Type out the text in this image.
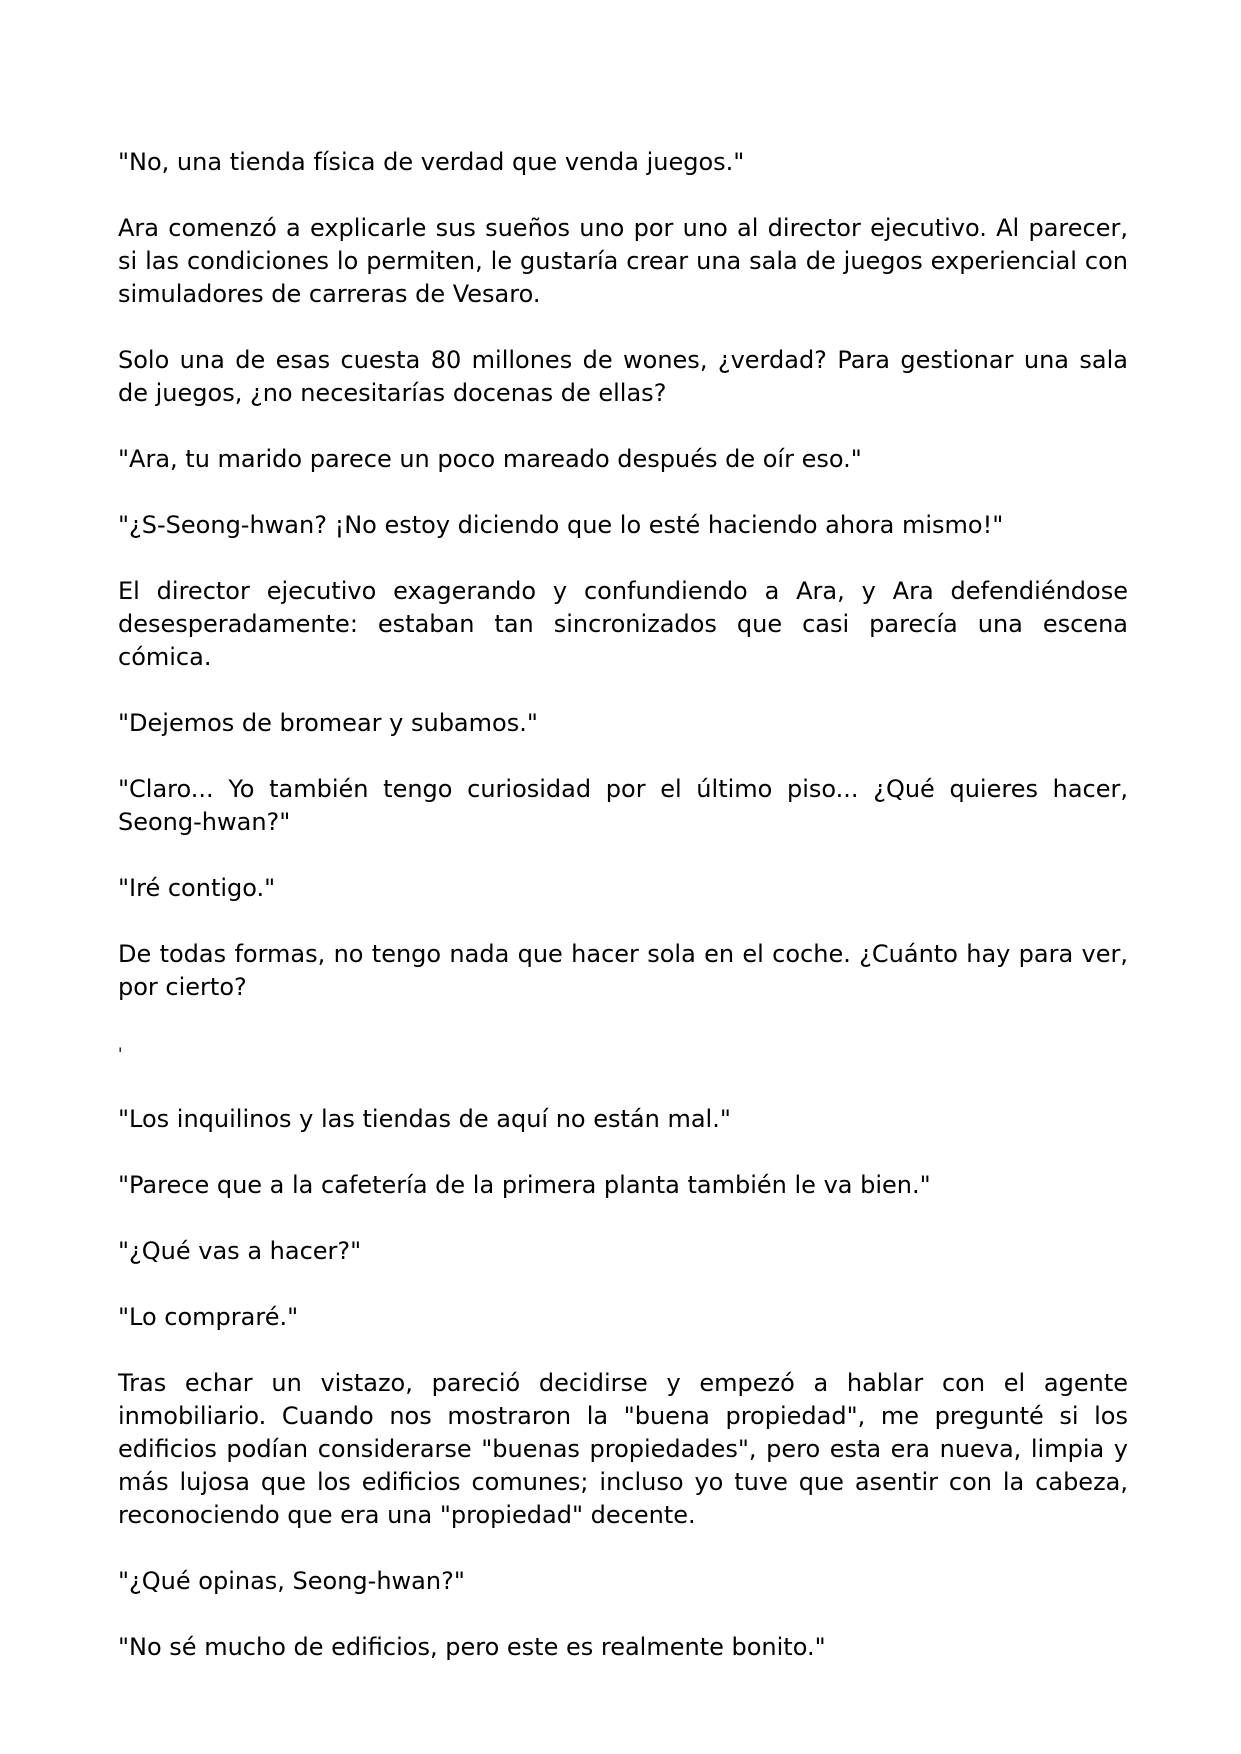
"No, una tienda física de verdad que venda juegos."

Ara comenzó a explicarle sus sueños uno por uno al director ejecutivo. Al parecer, si las condiciones lo permiten, le gustaría crear una sala de juegos experiencial con simuladores de carreras de Vesaro.

Solo una de esas cuesta 80 millones de wones, ¿verdad? Para gestionar una sala de juegos, ¿no necesitarías docenas de ellas?

"Ara, tu marido parece un poco mareado después de oír eso."

"¿S-Seong-hwan? ¡No estoy diciendo que lo esté haciendo ahora mismo!"

El director ejecutivo exagerando y confundiendo a Ara, y Ara defendiéndose desesperadamente: estaban tan sincronizados que casi parecía una escena cómica.

"Dejemos de bromear y subamos."

"Claro... Yo también tengo curiosidad por el último piso... ¿Qué quieres hacer, Seong-hwan?"

"Iré contigo."

De todas formas, no tengo nada que hacer sola en el coche. ¿Cuánto hay para ver, por cierto?

'

"Los inquilinos y las tiendas de aquí no están mal."

"Parece que a la cafetería de la primera planta también le va bien."

"¿Qué vas a hacer?"

"Lo compraré."

Tras echar un vistazo, pareció decidirse y empezó a hablar con el agente inmobiliario. Cuando nos mostraron la "buena propiedad", me pregunté si los edificios podían considerarse "buenas propiedades", pero esta era nueva, limpia y más lujosa que los edificios comunes; incluso yo tuve que asentir con la cabeza, reconociendo que era una "propiedad" decente.

"¿Qué opinas, Seong-hwan?"

"No sé mucho de edificios, pero este es realmente bonito."
